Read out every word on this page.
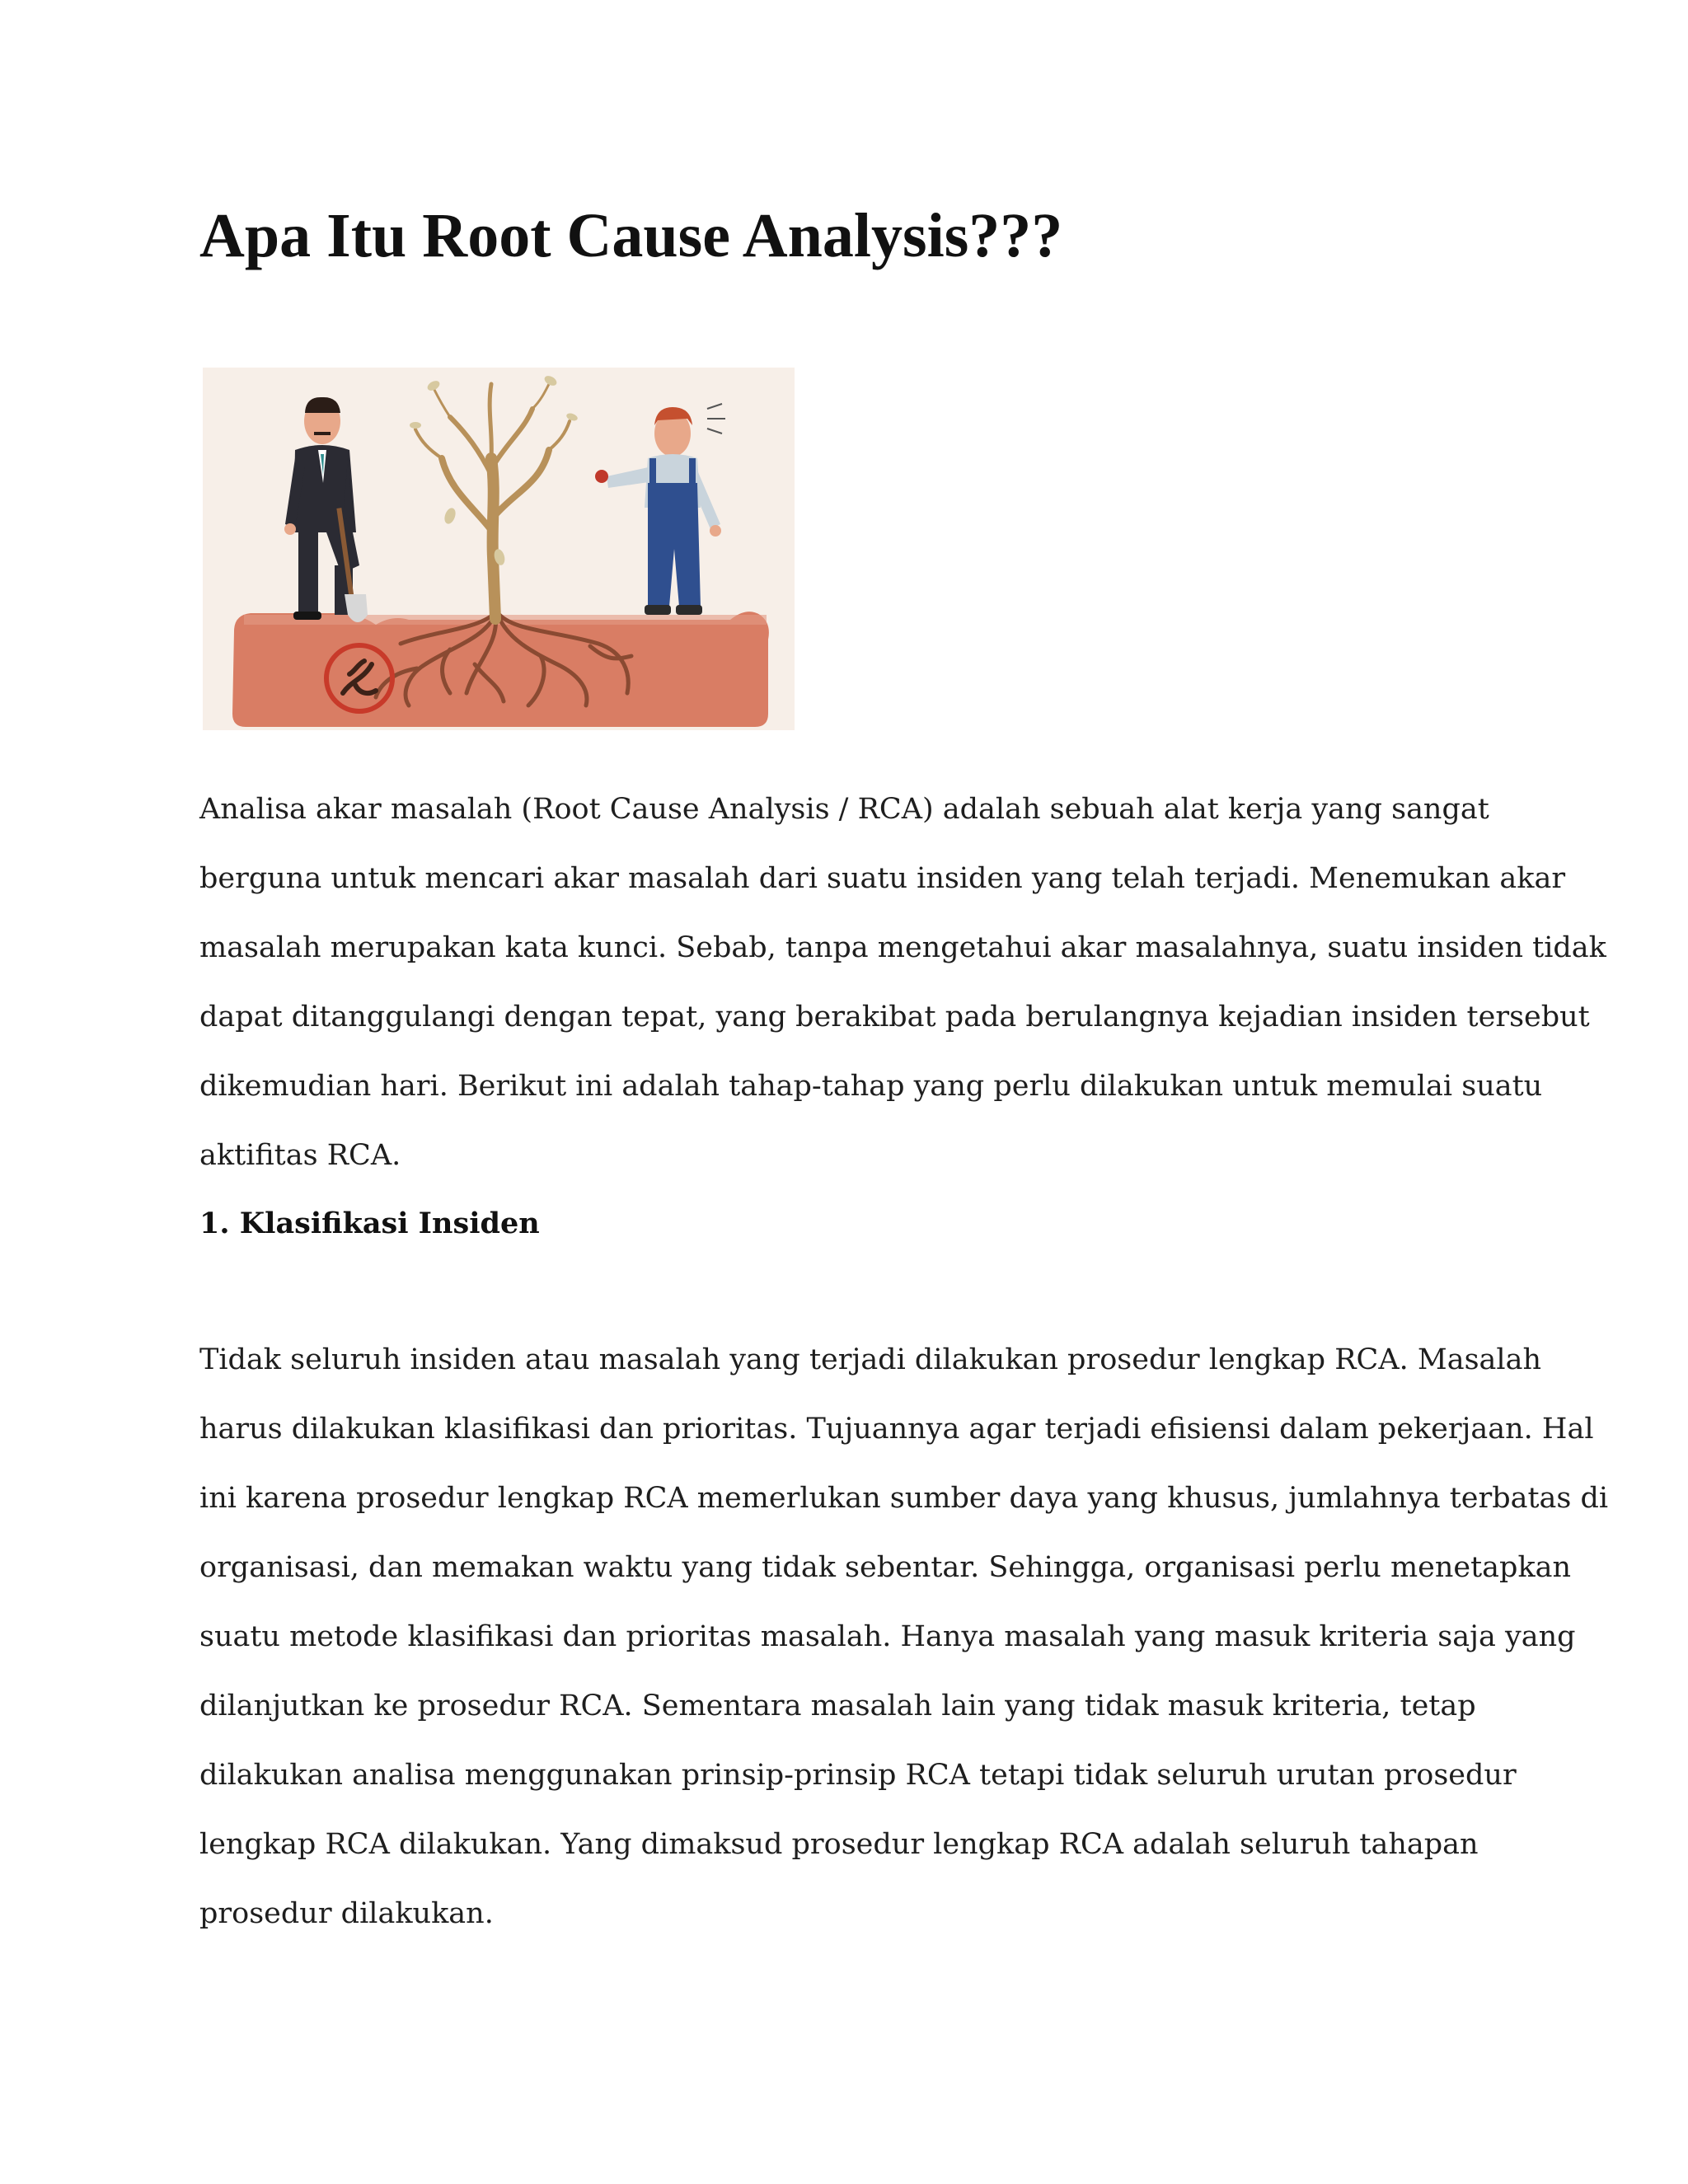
Apa Itu Root Cause Analysis???
Analisa akar masalah (Root Cause Analysis / RCA) adalah sebuah alat kerja yang sangat
berguna untuk mencari akar masalah dari suatu insiden yang telah terjadi. Menemukan akar
masalah merupakan kata kunci. Sebab, tanpa mengetahui akar masalahnya, suatu insiden tidak
dapat ditanggulangi dengan tepat, yang berakibat pada berulangnya kejadian insiden tersebut
dikemudian hari. Berikut ini adalah tahap-tahap yang perlu dilakukan untuk memulai suatu
aktifitas RCA.
1. Klasifikasi Insiden
Tidak seluruh insiden atau masalah yang terjadi dilakukan prosedur lengkap RCA. Masalah
harus dilakukan klasifikasi dan prioritas. Tujuannya agar terjadi efisiensi dalam pekerjaan. Hal
ini karena prosedur lengkap RCA memerlukan sumber daya yang khusus, jumlahnya terbatas di
organisasi, dan memakan waktu yang tidak sebentar. Sehingga, organisasi perlu menetapkan
suatu metode klasifikasi dan prioritas masalah. Hanya masalah yang masuk kriteria saja yang
dilanjutkan ke prosedur RCA. Sementara masalah lain yang tidak masuk kriteria, tetap
dilakukan analisa menggunakan prinsip-prinsip RCA tetapi tidak seluruh urutan prosedur
lengkap RCA dilakukan. Yang dimaksud prosedur lengkap RCA adalah seluruh tahapan
prosedur dilakukan.
